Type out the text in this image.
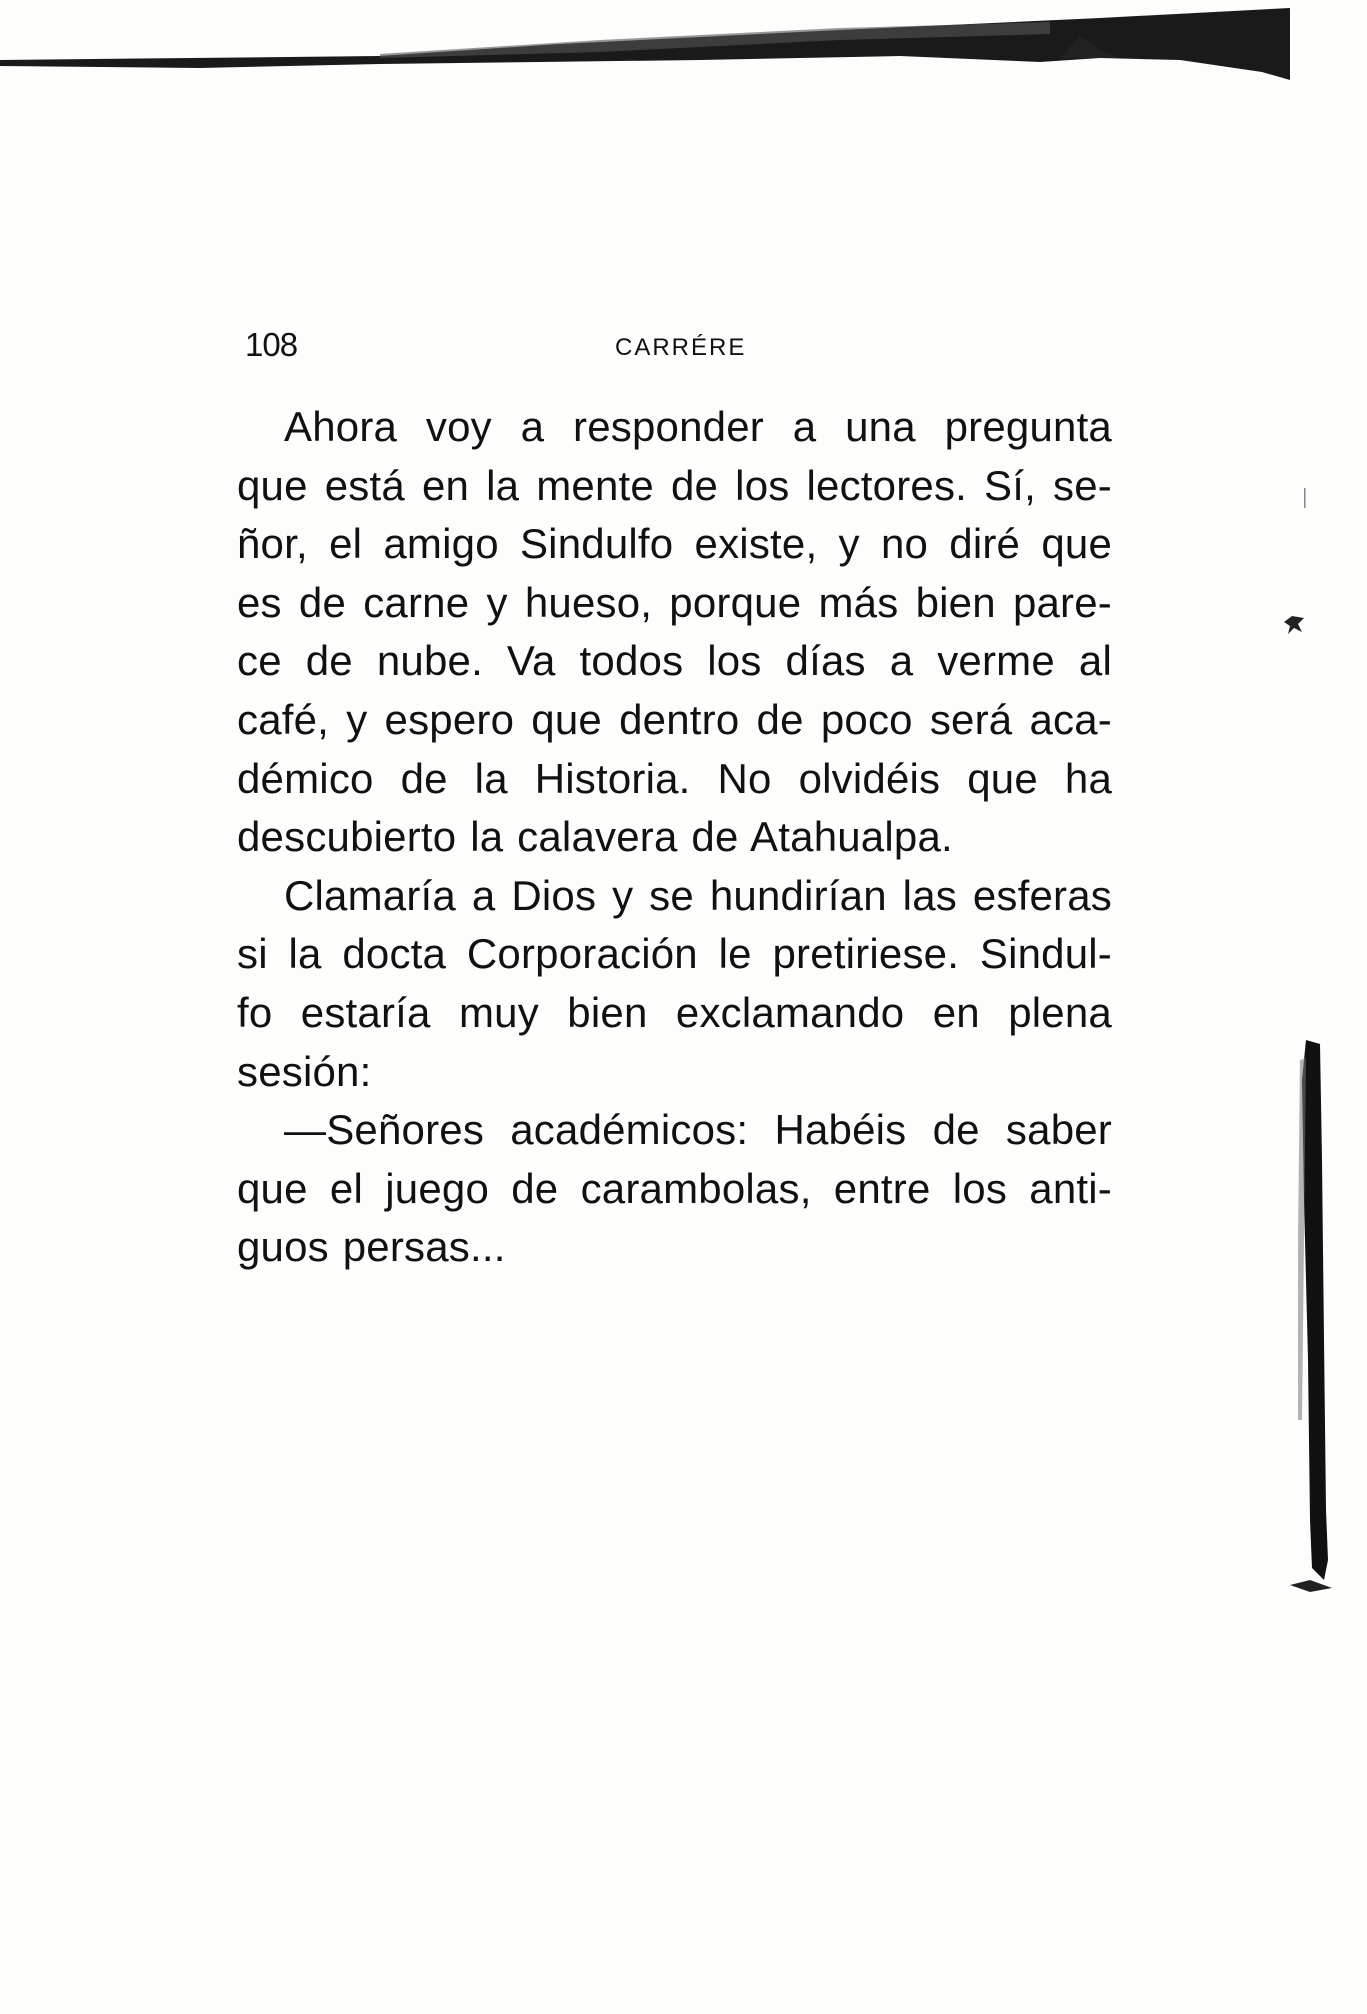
108	CARRÉRE
Ahora voy a responder a una pregunta
que está en la mente de los lectores. Sí, se-
ñor, el amigo Sindulfo existe, y no diré que
es de carne y hueso, porque más bien pare-
ce de nube. Va todos los días a verme al
café, y espero que dentro de poco será aca-
démico de la Historia. No olvidéis que ha
descubierto la calavera de Atahualpa.
Clamaría a Dios y se hundirían las esferas
si la docta Corporación le pretiriese. Sindul-
fo estaría muy bien exclamando en plena
sesión:
—Señores académicos: Habéis de saber
que el juego de carambolas, entre los anti-
guos persas...
